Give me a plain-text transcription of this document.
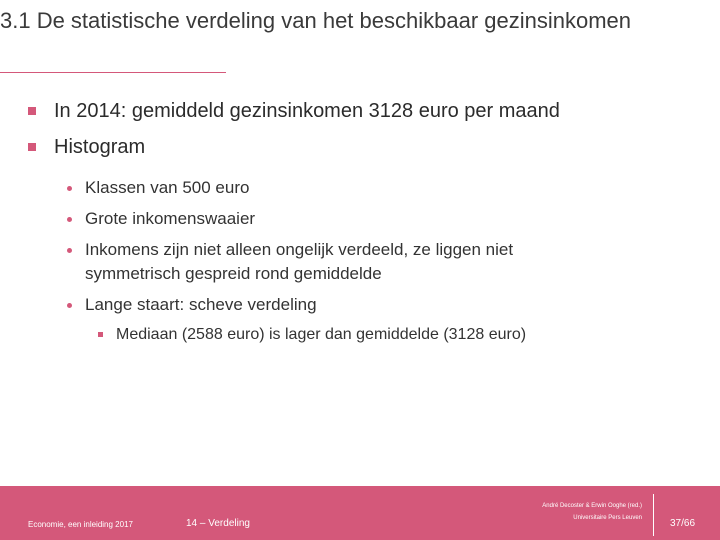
3.1 De statistische verdeling van het beschikbaar gezinsinkomen
In 2014: gemiddeld gezinsinkomen 3128 euro per maand
Histogram
Klassen van 500 euro
Grote inkomenswaaier
Inkomens zijn niet alleen ongelijk verdeeld, ze liggen niet symmetrisch gespreid rond gemiddelde
Lange staart: scheve verdeling
Mediaan (2588 euro) is lager dan gemiddelde (3128 euro)
Economie, een inleiding 2017	14 – Verdeling
André Decoster & Erwin Ooghe (red.)
Universitaire Pers Leuven	37/66
